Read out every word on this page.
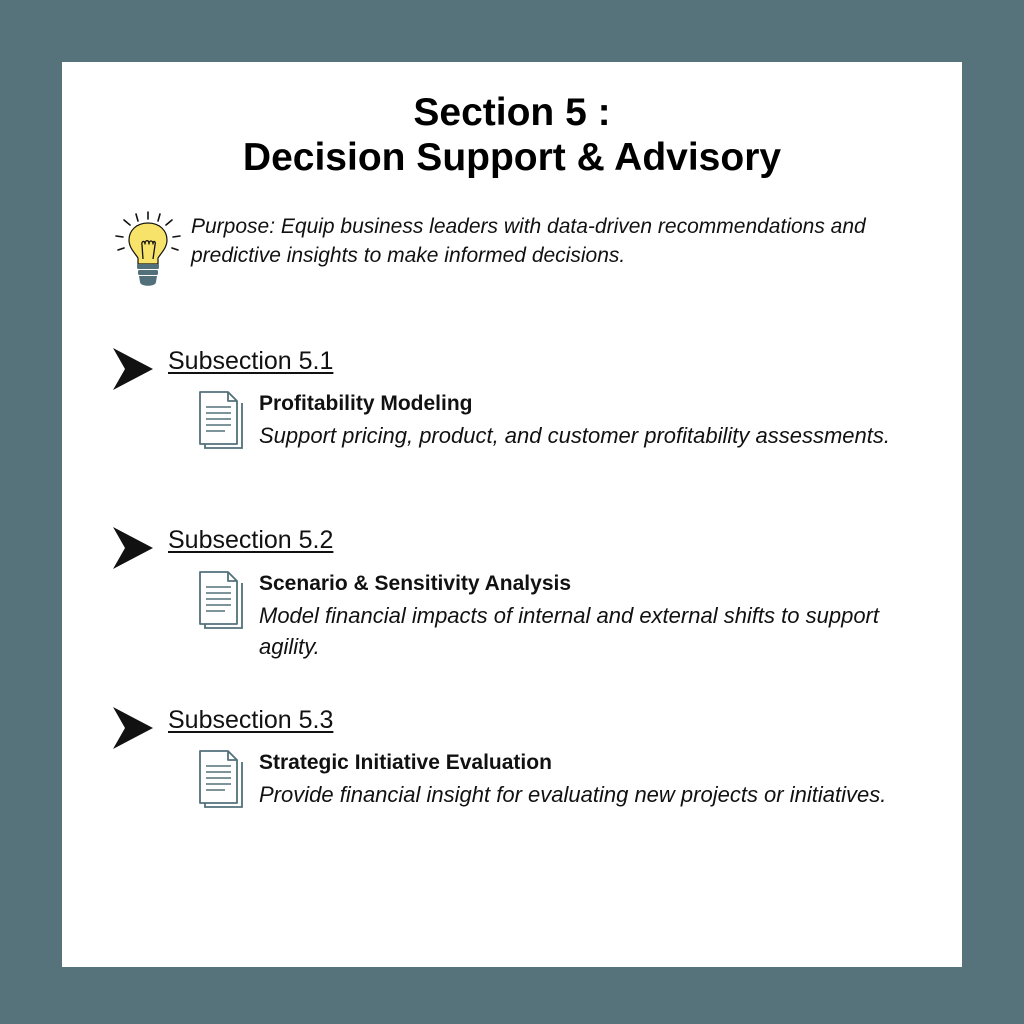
Section 5 :
Decision Support & Advisory
Purpose: Equip business leaders with data-driven recommendations and predictive insights to make informed decisions.
Subsection 5.1
Profitability Modeling
Support pricing, product, and customer profitability assessments.
Subsection 5.2
Scenario & Sensitivity Analysis
Model financial impacts of internal and external shifts to support agility.
Subsection 5.3
Strategic Initiative Evaluation
Provide financial insight for evaluating new projects or initiatives.
